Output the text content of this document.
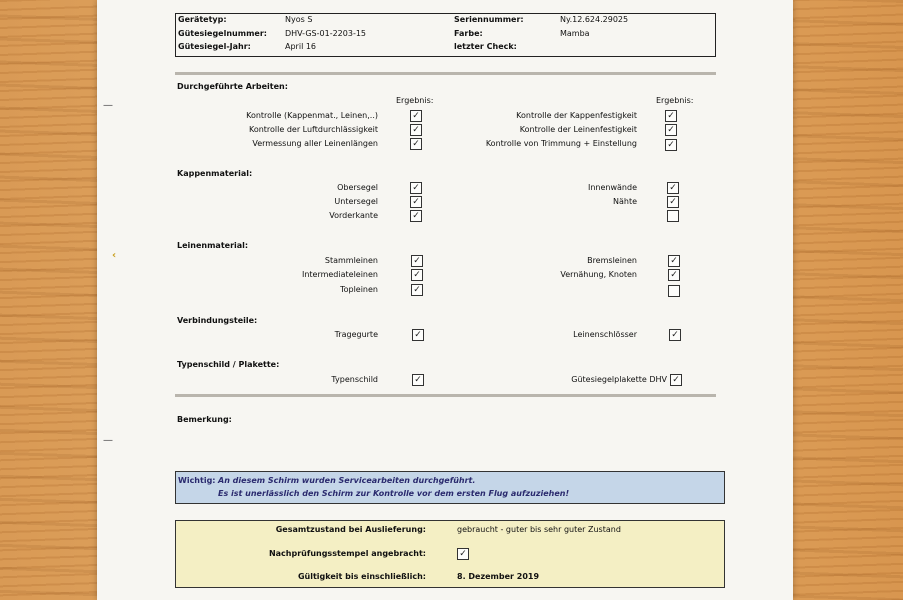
Gerätetyp:	Nyos S	Seriennummer:	Ny.12.624.29025
Gütesiegelnummer: DHV-GS-01-2203-15	Farbe:	Mamba
Gütesiegel-Jahr:	April 16	letzter Check:
Durchgeführte Arbeiten:
Ergebnis:	Ergebnis:
Kontrolle (Kappenmat., Leinen,..)	✓	Kontrolle der Kappenfestigkeit	✓
Kontrolle der Luftdurchlässigkeit	✓	Kontrolle der Leinenfestigkeit	✓
Vermessung aller Leinenlängen	✓	Kontrolle von Trimmung + Einstellung	✓
Kappenmaterial:
Obersegel	✓	Innenwände	✓
Untersegel	✓	Nähte	✓
Vorderkante	✓
Leinenmaterial:
Stammleinen	✓	Bremsleinen	✓
Intermediateleinen	✓	Vernähung, Knoten	✓
Topleinen	✓
Verbindungsteile:
Tragegurte	✓	Leinenschlösser	✓
Typenschild / Plakette:
Typenschild	✓	Gütesiegelplakette DHV ✓
Bemerkung:
Wichtig: An diesem Schirm wurden Servicearbeiten durchgeführt.
Es ist unerlässlich den Schirm zur Kontrolle vor dem ersten Flug aufzuziehen!
Gesamtzustand bei Auslieferung:	gebraucht - guter bis sehr guter Zustand
Nachprüfungsstempel angebracht:	✓
Gültigkeit bis einschließlich:	8. Dezember 2019
—
‹
—
